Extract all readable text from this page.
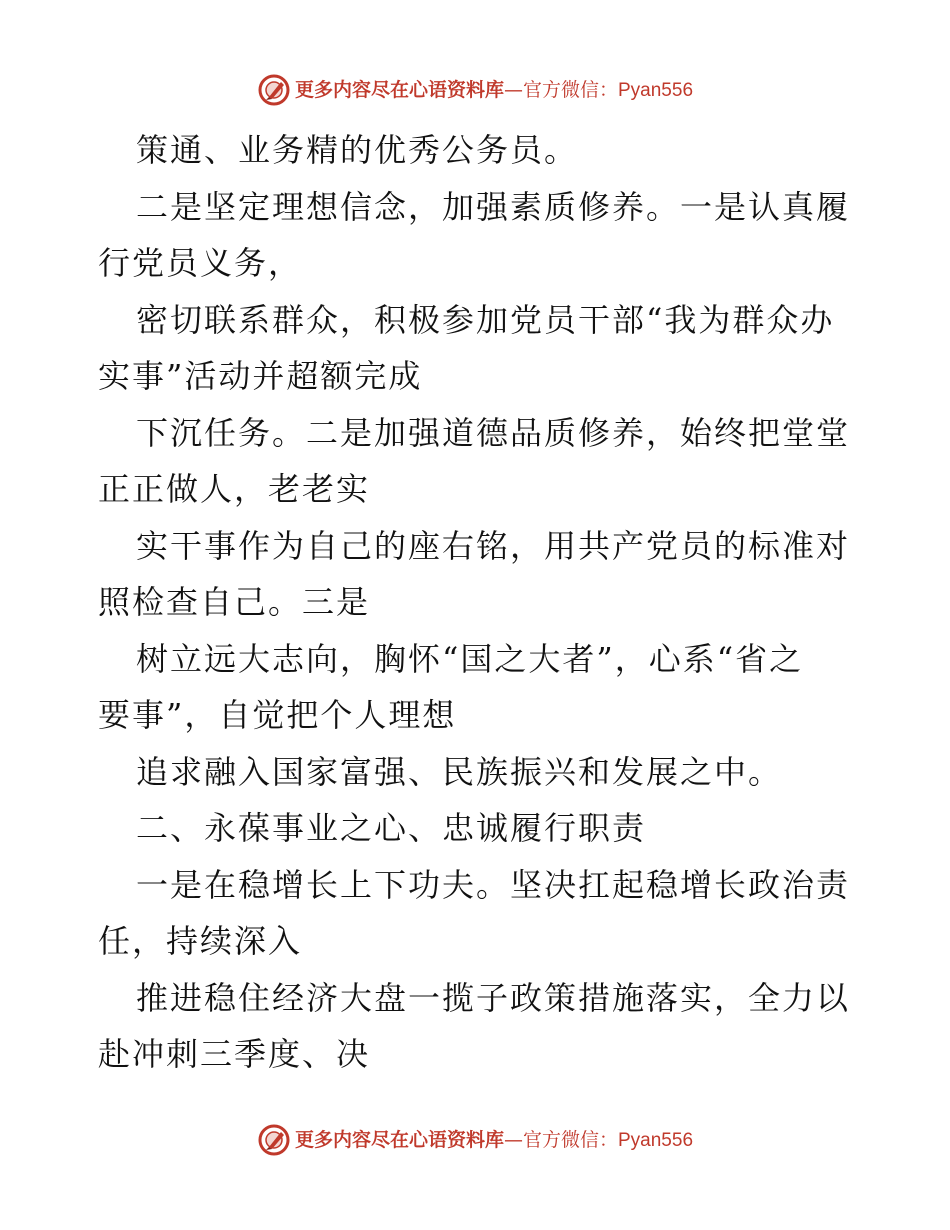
更多内容尽在心语资料库—官方微信：Pyan556
策通、业务精的优秀公务员。
二是坚定理想信念，加强素质修养。一是认真履
行党员义务，
密切联系群众，积极参加党员干部“我为群众办
实事”活动并超额完成
下沉任务。二是加强道德品质修养，始终把堂堂
正正做人，老老实
实干事作为自己的座右铭，用共产党员的标准对
照检查自己。三是
树立远大志向，胸怀“国之大者”，心系“省之
要事”，自觉把个人理想
追求融入国家富强、民族振兴和发展之中。
二、永葆事业之心、忠诚履行职责
一是在稳增长上下功夫。坚决扛起稳增长政治责
任，持续深入
推进稳住经济大盘一揽子政策措施落实，全力以
赴冲刺三季度、决
更多内容尽在心语资料库—官方微信：Pyan556
